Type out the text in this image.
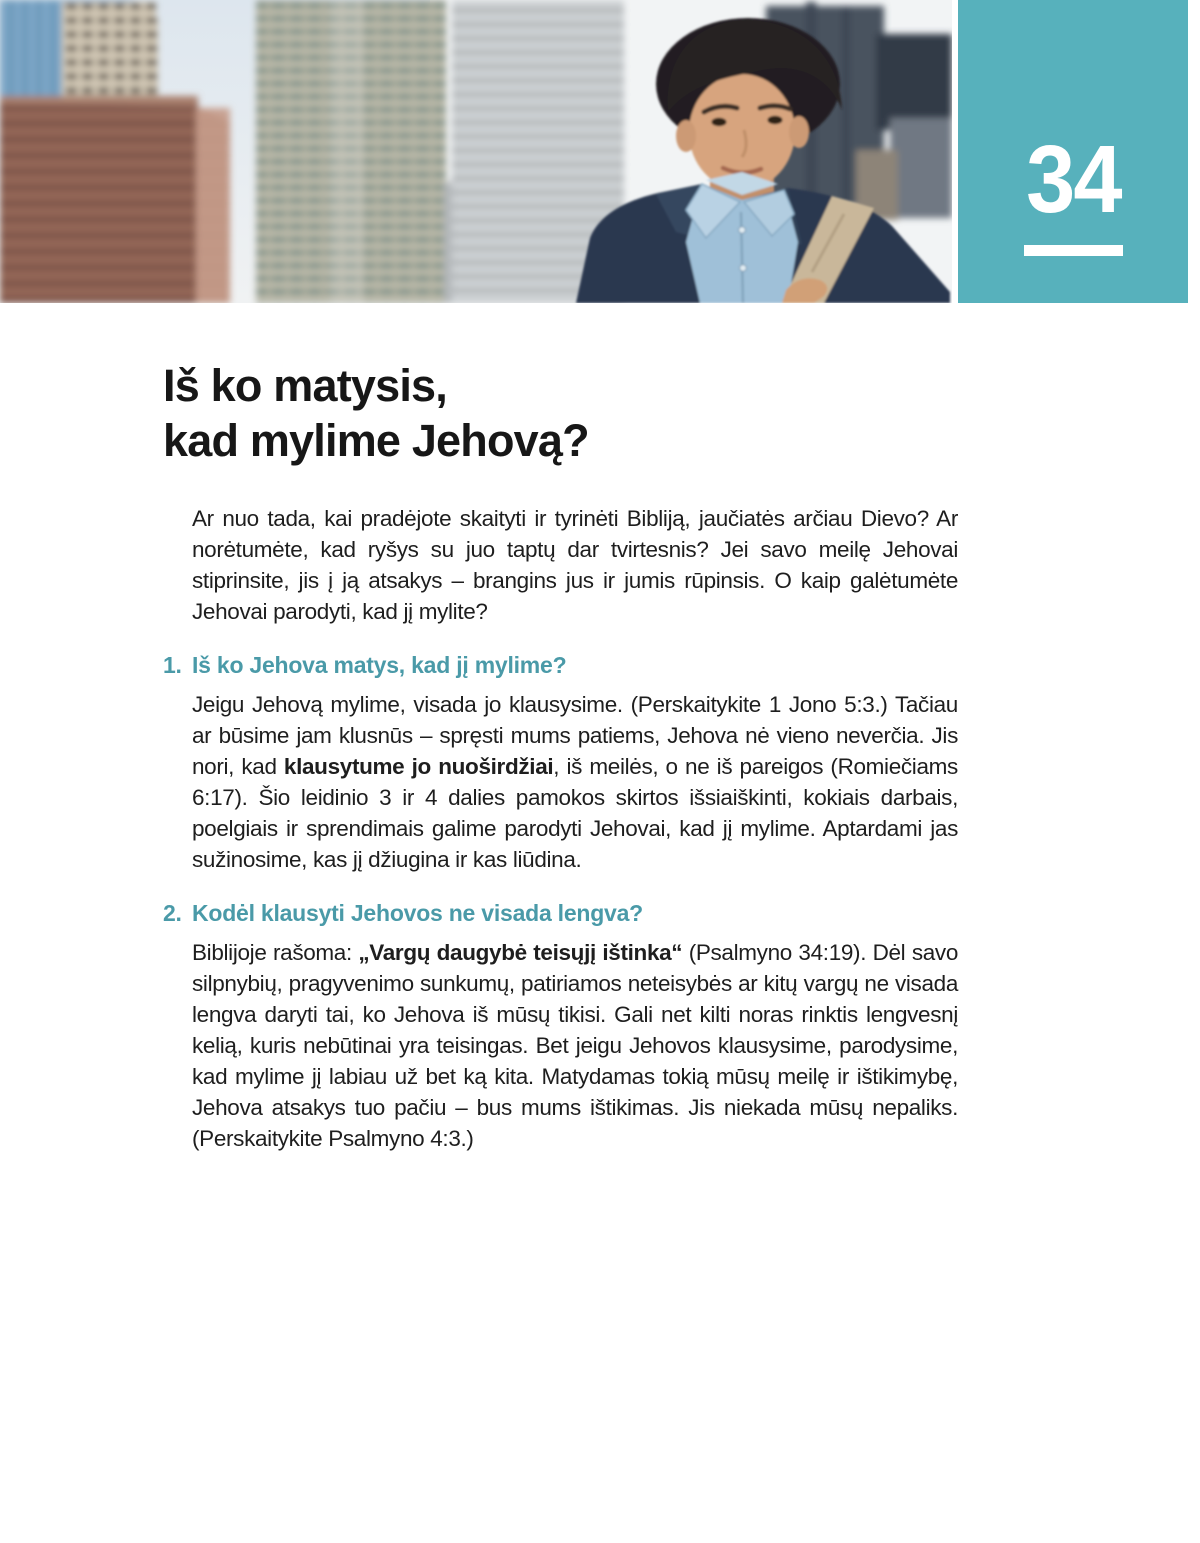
34
Iš ko matysis,
kad mylime Jehovą?

Ar nuo tada, kai pradėjote skaityti ir tyrinėti Bibliją, jaučiatės arčiau Dievo? Ar norėtumėte, kad ryšys su juo taptų dar tvirtesnis? Jei savo meilę Jehovai stiprinsite, jis į ją atsakys – brangins jus ir jumis rūpinsis. O kaip galėtumėte Jehovai parodyti, kad jį mylite?

1. Iš ko Jehova matys, kad jį mylime?

Jeigu Jehovą mylime, visada jo klausysime. (Perskaitykite 1 Jono 5:3.) Tačiau ar būsime jam klusnūs – spręsti mums patiems, Jehova nė vieno neverčia. Jis nori, kad klausytume jo nuoširdžiai, iš meilės, o ne iš pareigos (Romiečiams 6:17). Šio leidinio 3 ir 4 dalies pamokos skirtos išsiaiškinti, kokiais darbais, poelgiais ir sprendimais galime parodyti Jehovai, kad jį mylime. Aptardami jas sužinosime, kas jį džiugina ir kas liūdina.

2. Kodėl klausyti Jehovos ne visada lengva?

Biblijoje rašoma: „Vargų daugybė teisųjį ištinka“ (Psalmyno 34:19). Dėl savo silpnybių, pragyvenimo sunkumų, patiriamos neteisybės ar kitų vargų ne visada lengva daryti tai, ko Jehova iš mūsų tikisi. Gali net kilti noras rinktis lengvesnį kelią, kuris nebūtinai yra teisingas. Bet jeigu Jehovos klausysime, parodysime, kad mylime jį labiau už bet ką kita. Matydamas tokią mūsų meilę ir ištikimybę, Jehova atsakys tuo pačiu – bus mums ištikimas. Jis niekada mūsų nepaliks. (Perskaitykite Psalmyno 4:3.)
